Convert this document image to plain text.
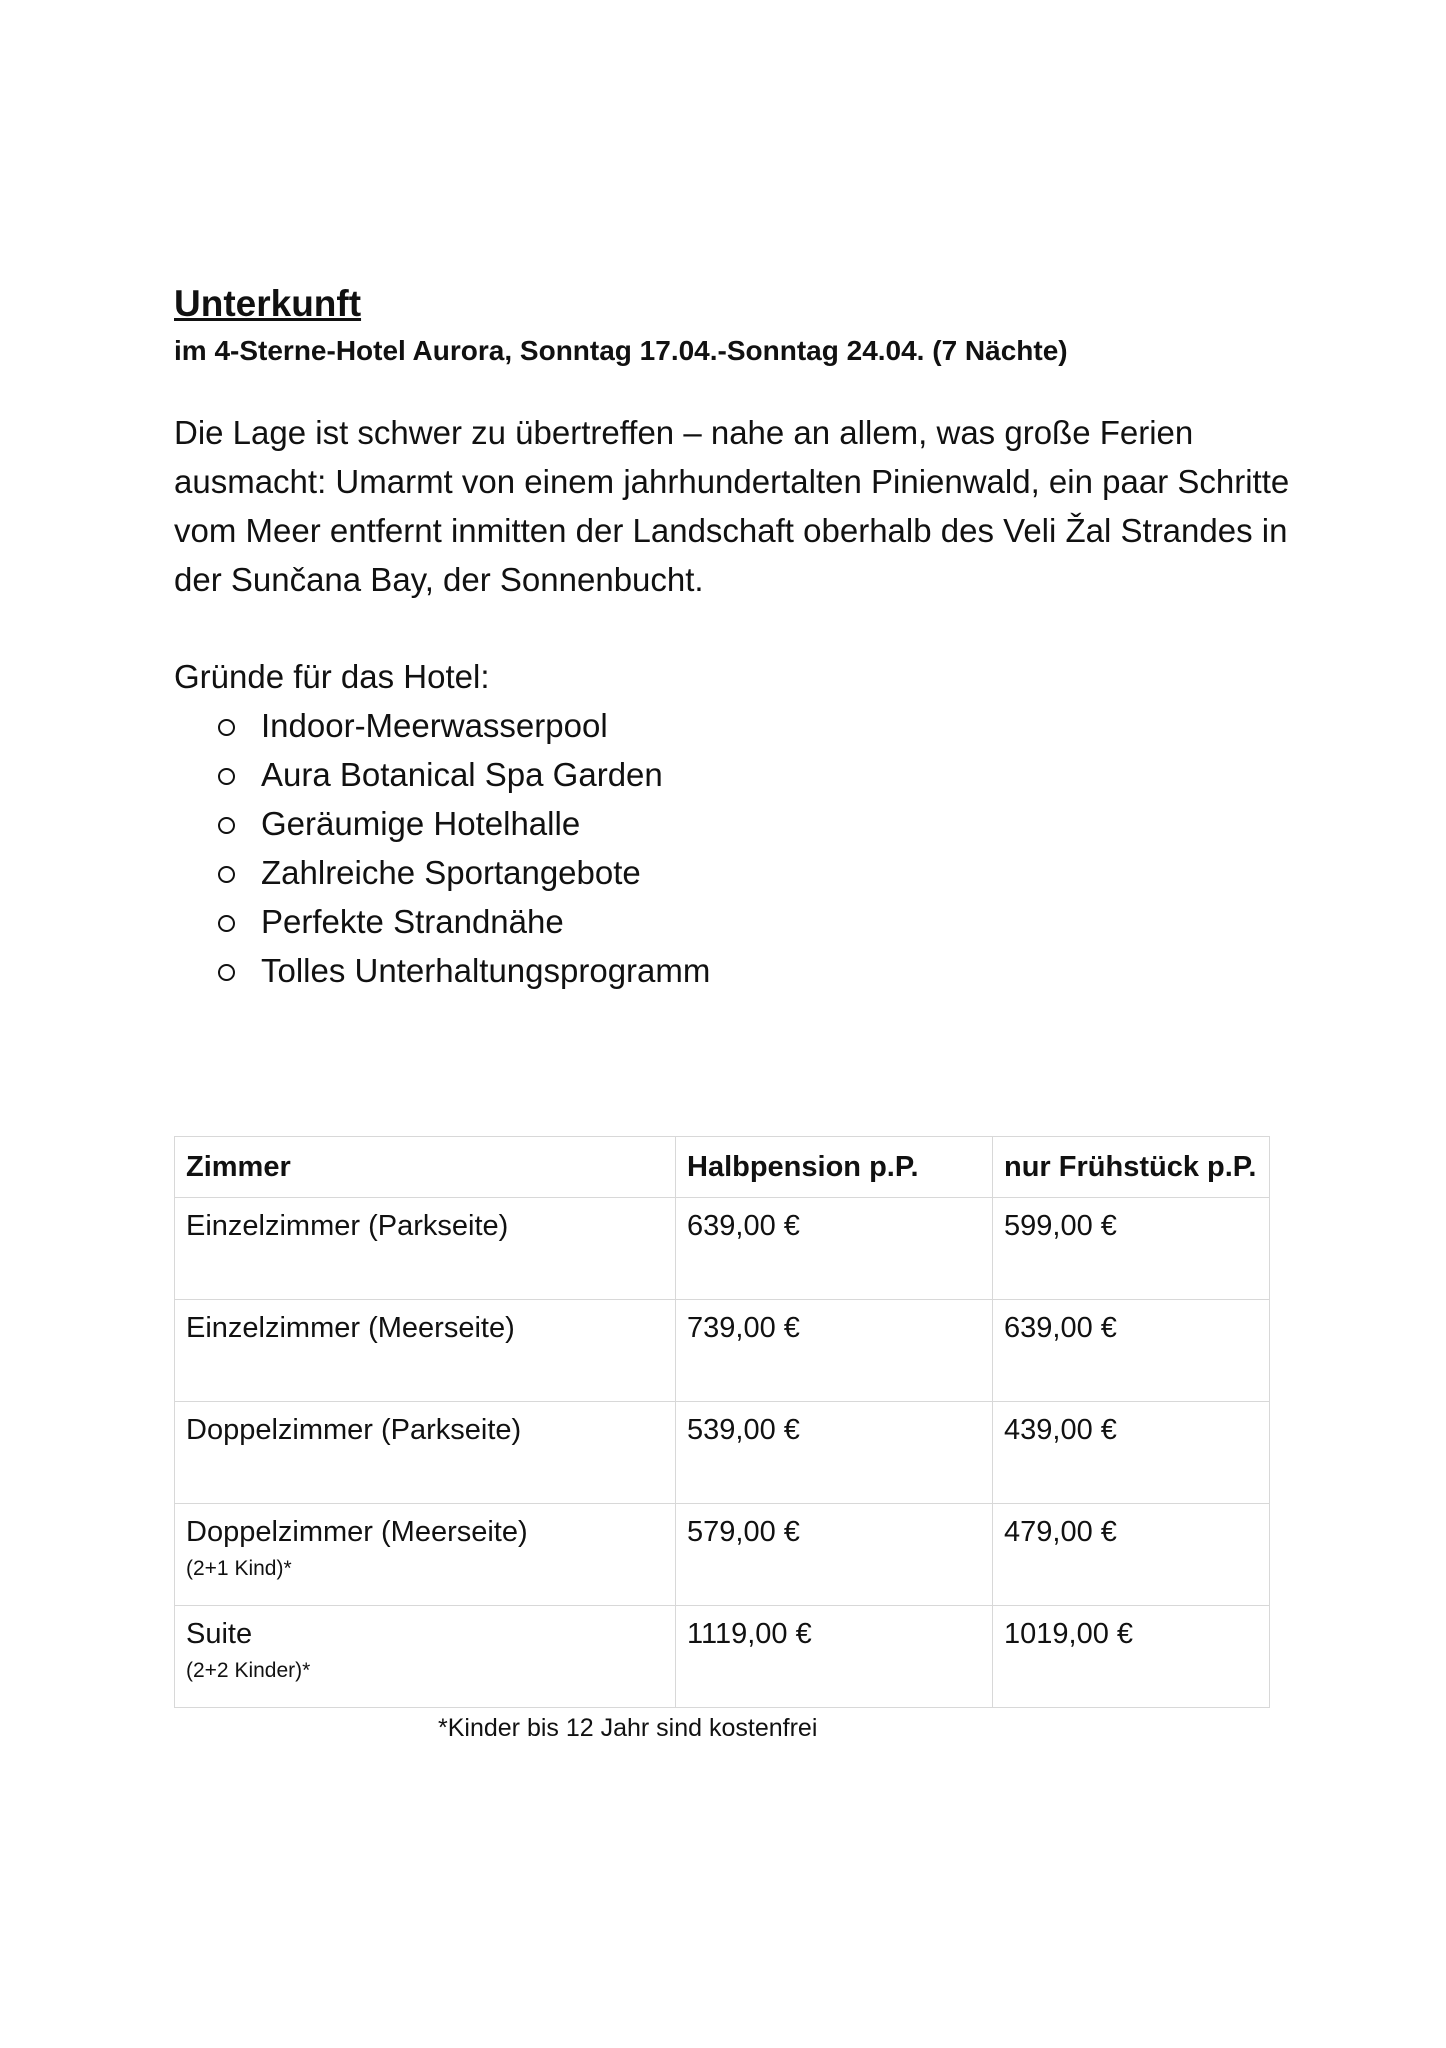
Unterkunft

im 4-Sterne-Hotel Aurora, Sonntag 17.04.-Sonntag 24.04. (7 Nächte)

Die Lage ist schwer zu übertreffen – nahe an allem, was große Ferien ausmacht: Umarmt von einem jahrhundertalten Pinienwald, ein paar Schritte vom Meer entfernt inmitten der Landschaft oberhalb des Veli Žal Strandes in der Sunčana Bay, der Sonnenbucht.

Gründe für das Hotel:

Indoor-Meerwasserpool
Aura Botanical Spa Garden
Geräumige Hotelhalle
Zahlreiche Sportangebote
Perfekte Strandnähe
Tolles Unterhaltungsprogramm
Zimmer	Halbpension p.P.	nur Frühstück p.P.
Einzelzimmer (Parkseite)	639,00 €	599,00 €
Einzelzimmer (Meerseite)	739,00 €	639,00 €
Doppelzimmer (Parkseite)	539,00 €	439,00 €
Doppelzimmer (Meerseite)
(2+1 Kind)*	579,00 €	479,00 €
Suite
(2+2 Kinder)*	1119,00 €	1019,00 €
*Kinder bis 12 Jahr sind kostenfrei
